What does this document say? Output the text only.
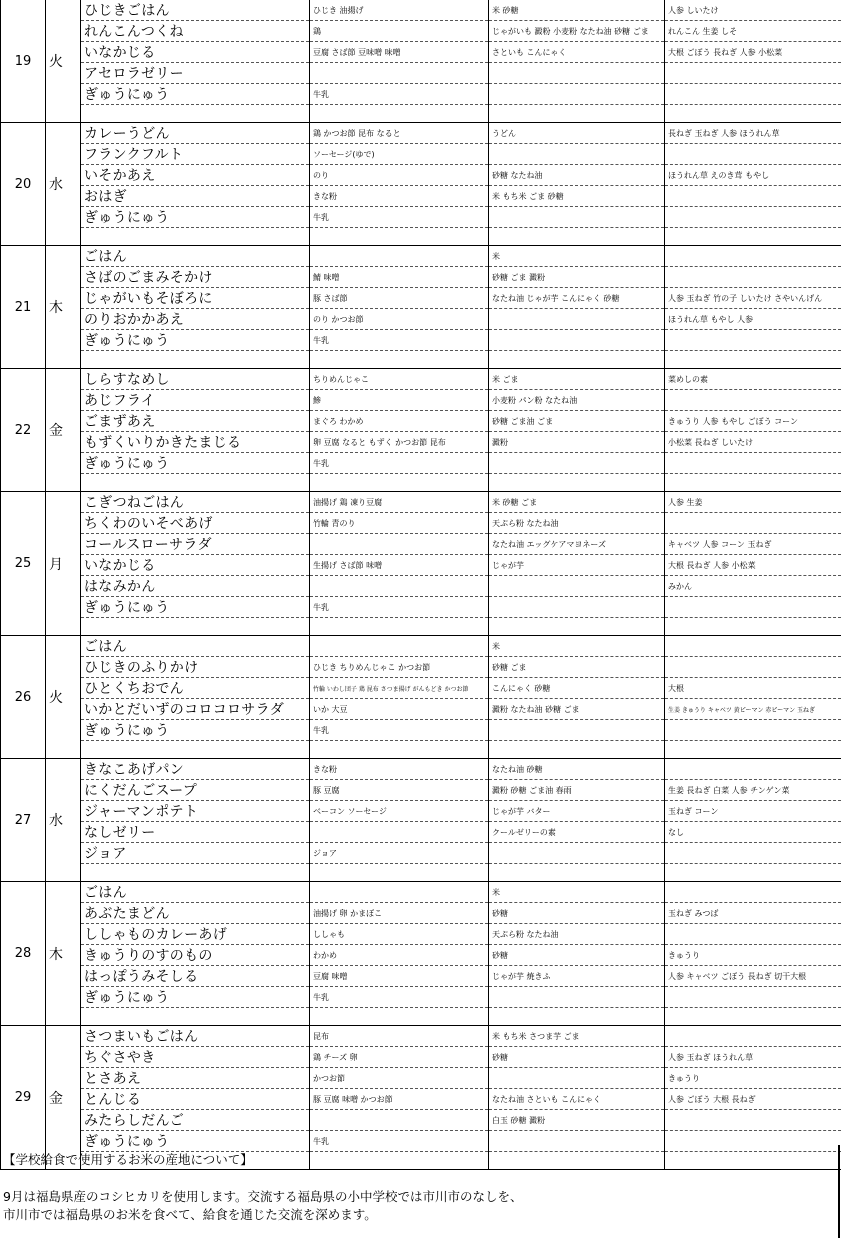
19	火	ひじきごはん	ひじき 油揚げ	米 砂糖	人参 しいたけ
		れんこんつくね	鶏	じゃがいも 澱粉 小麦粉 なたね油 砂糖 ごま	れんこん 生姜 しそ
		いなかじる	豆腐 さば節 豆味噌 味噌	さといも こんにゃく	大根 ごぼう 長ねぎ 人参 小松菜
		アセロラゼリー			
		ぎゅうにゅう	牛乳		

20	水	カレーうどん	鶏 かつお節 昆布 なると	うどん	長ねぎ 玉ねぎ 人参 ほうれん草
		フランクフルト	ソーセージ(ゆで)		
		いそかあえ	のり	砂糖 なたね油	ほうれん草 えのき茸 もやし
		おはぎ	きな粉	米 もち米 ごま 砂糖	
		ぎゅうにゅう	牛乳		

21	木	ごはん		米	
		さばのごまみそかけ	鯖 味噌	砂糖 ごま 澱粉	
		じゃがいもそぼろに	豚 さば節	なたね油 じゃが芋 こんにゃく 砂糖	人参 玉ねぎ 竹の子 しいたけ さやいんげん
		のりおかかあえ	のり かつお節		ほうれん草 もやし 人参
		ぎゅうにゅう	牛乳		

22	金	しらすなめし	ちりめんじゃこ	米 ごま	菜めしの素
		あじフライ	鯵	小麦粉 パン粉 なたね油	
		ごまずあえ	まぐろ わかめ	砂糖 ごま油 ごま	きゅうり 人参 もやし ごぼう コーン
		もずくいりかきたまじる	卵 豆腐 なると もずく かつお節 昆布	澱粉	小松菜 長ねぎ しいたけ
		ぎゅうにゅう	牛乳		

25	月	こぎつねごはん	油揚げ 鶏 凍り豆腐	米 砂糖 ごま	人参 生姜
		ちくわのいそべあげ	竹輪 青のり	天ぷら粉 なたね油	
		コールスローサラダ		なたね油 エッグケアマヨネーズ	キャベツ 人参 コーン 玉ねぎ
		いなかじる	生揚げ さば節 味噌	じゃが芋	大根 長ねぎ 人参 小松菜
		はなみかん			みかん
		ぎゅうにゅう	牛乳		

26	火	ごはん		米	
		ひじきのふりかけ	ひじき ちりめんじゃこ かつお節	砂糖 ごま	
		ひとくちおでん	竹輪 いわし団子 鶏 昆布 さつま揚げ がんもどき かつお節	こんにゃく 砂糖	大根
		いかとだいずのコロコロサラダ	いか 大豆	澱粉 なたね油 砂糖 ごま	生姜 きゅうり キャベツ 黄ピーマン 赤ピーマン 玉ねぎ
		ぎゅうにゅう	牛乳		

27	水	きなこあげパン	きな粉	なたね油 砂糖	
		にくだんごスープ	豚 豆腐	澱粉 砂糖 ごま油 春雨	生姜 長ねぎ 白菜 人参 チンゲン菜
		ジャーマンポテト	ベーコン ソーセージ	じゃが芋 バター	玉ねぎ コーン
		なしゼリー		クールゼリーの素	なし
		ジョア	ジョア		

28	木	ごはん		米	
		あぶたまどん	油揚げ 卵 かまぼこ	砂糖	玉ねぎ みつば
		ししゃものカレーあげ	ししゃも	天ぷら粉 なたね油	
		きゅうりのすのもの	わかめ	砂糖	きゅうり
		はっぽうみそしる	豆腐 味噌	じゃが芋 焼きふ	人参 キャベツ ごぼう 長ねぎ 切干大根
		ぎゅうにゅう	牛乳		

29	金	さつまいもごはん	昆布	米 もち米 さつま芋 ごま	
		ちぐさやき	鶏 チーズ 卵	砂糖	人参 玉ねぎ ほうれん草
		とさあえ	かつお節		きゅうり
		とんじる	豚 豆腐 味噌 かつお節	なたね油 さといも こんにゃく	人参 ごぼう 大根 長ねぎ
		みたらしだんご		白玉 砂糖 澱粉	
		ぎゅうにゅう	牛乳		

【学校給食で使用するお米の産地について】
9月は福島県産のコシヒカリを使用します。交流する福島県の小中学校では市川市のなしを、
市川市では福島県のお米を食べて、給食を通じた交流を深めます。
